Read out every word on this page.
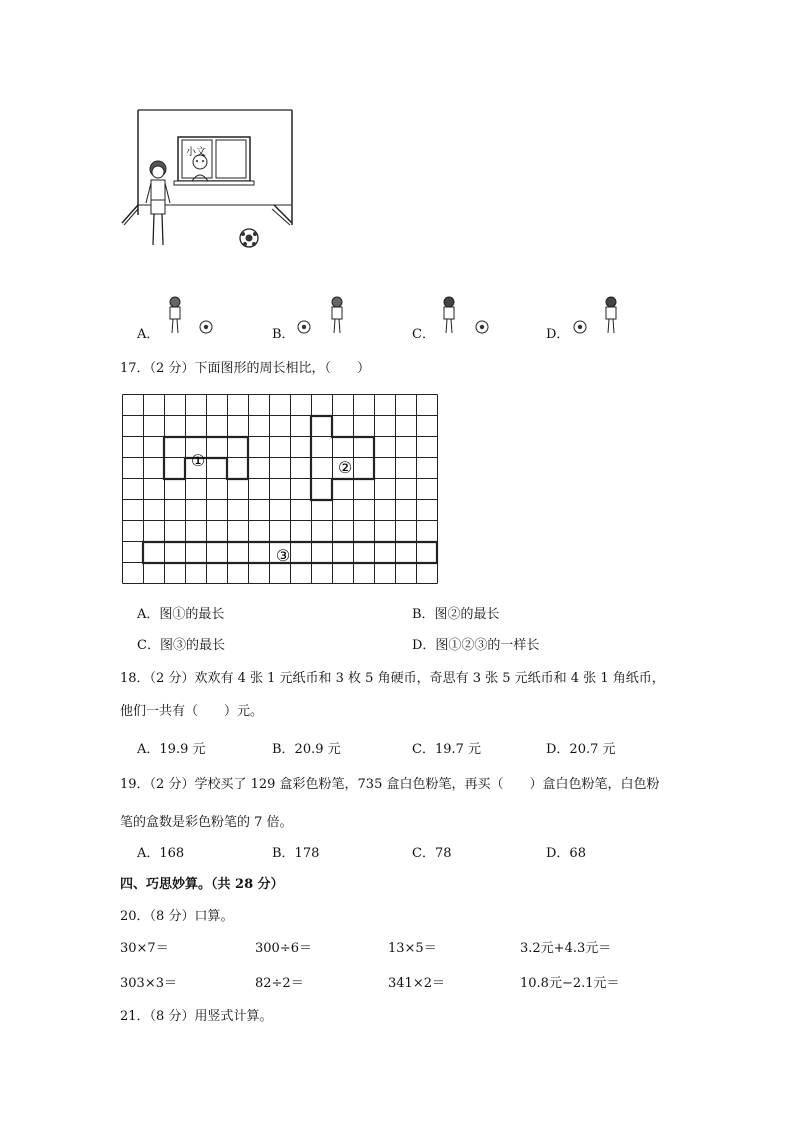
小文
A．	B．	C．	D．
17．（2 分）下面图形的周长相比，（　　）
①	②
③
A．图①的最长	B．图②的最长
C．图③的最长	D．图①②③的一样长
18．（2 分）欢欢有 4 张 1 元纸币和 3 枚 5 角硬币，奇思有 3 张 5 元纸币和 4 张 1 角纸币，
他们一共有（　　）元。
A．19.9 元	B．20.9 元	C．19.7 元	D．20.7 元
19．（2 分）学校买了 129 盒彩色粉笔，735 盒白色粉笔，再买（　　）盒白色粉笔，白色粉
笔的盒数是彩色粉笔的 7 倍。
A．168	B．178	C．78	D．68
四、巧思妙算。（共 28 分）
20．（8 分）口算。
30×7＝	300÷6＝	13×5＝	3.2元+4.3元＝
303×3＝	82÷2＝	341×2＝	10.8元−2.1元＝
21．（8 分）用竖式计算。
